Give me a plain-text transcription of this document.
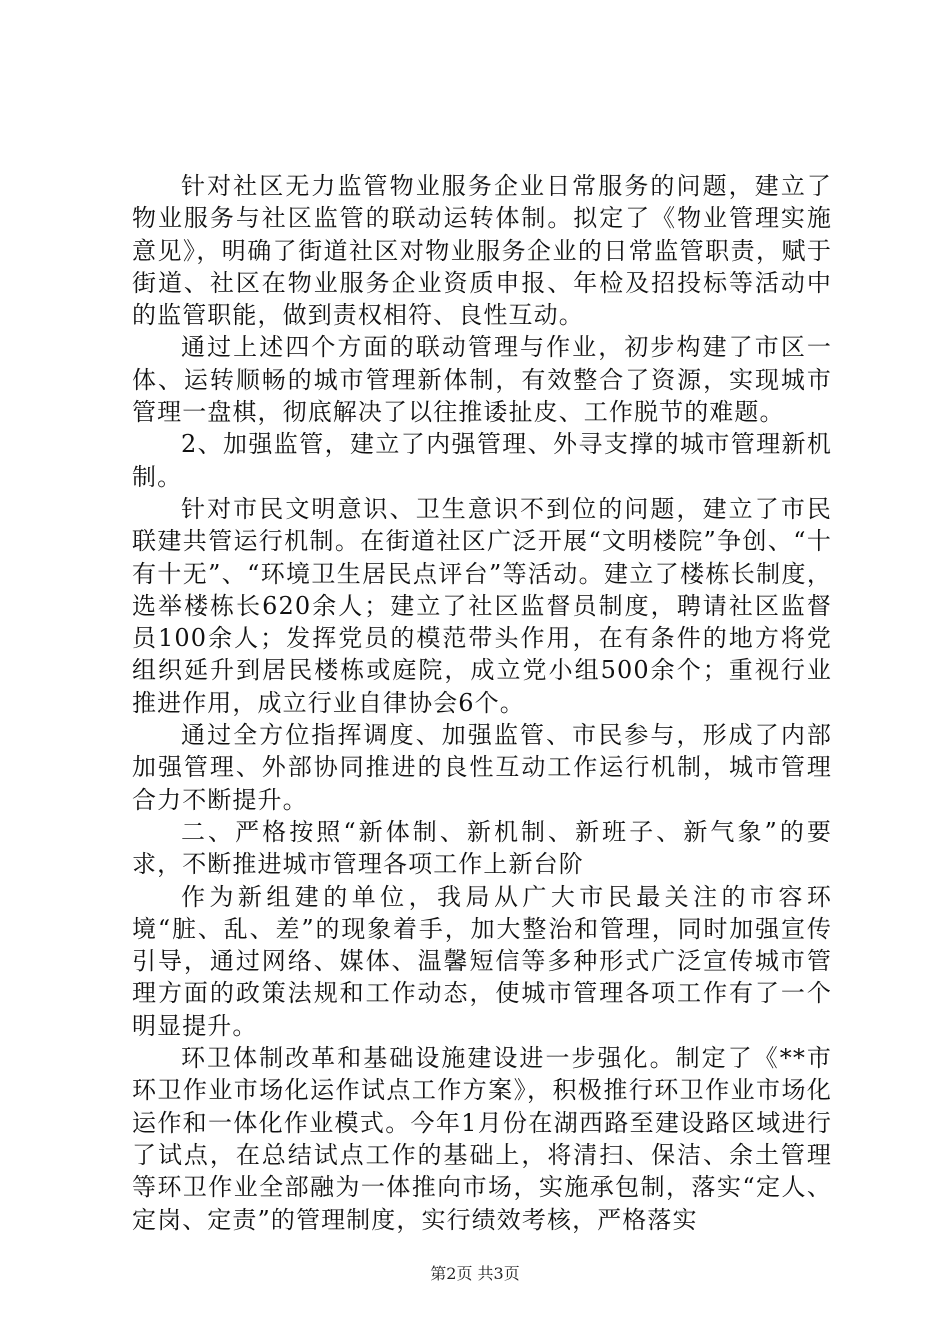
针对社区无力监管物业服务企业日常服务的问题，建立了物业服务与社区监管的联动运转体制。拟定了《物业管理实施意见》，明确了街道社区对物业服务企业的日常监管职责，赋于街道、社区在物业服务企业资质申报、年检及招投标等活动中的监管职能，做到责权相符、良性互动。

通过上述四个方面的联动管理与作业，初步构建了市区一体、运转顺畅的城市管理新体制，有效整合了资源，实现城市管理一盘棋，彻底解决了以往推诿扯皮、工作脱节的难题。

2、加强监管，建立了内强管理、外寻支撑的城市管理新机制。

针对市民文明意识、卫生意识不到位的问题，建立了市民联建共管运行机制。在街道社区广泛开展“文明楼院”争创、“十有十无”、“环境卫生居民点评台”等活动。建立了楼栋长制度，选举楼栋长620余人；建立了社区监督员制度，聘请社区监督员100余人；发挥党员的模范带头作用，在有条件的地方将党组织延升到居民楼栋或庭院，成立党小组500余个；重视行业推进作用，成立行业自律协会6个。

通过全方位指挥调度、加强监管、市民参与，形成了内部加强管理、外部协同推进的良性互动工作运行机制，城市管理合力不断提升。

二、严格按照“新体制、新机制、新班子、新气象”的要求，不断推进城市管理各项工作上新台阶

作为新组建的单位，我局从广大市民最关注的市容环境“脏、乱、差”的现象着手，加大整治和管理，同时加强宣传引导，通过网络、媒体、温馨短信等多种形式广泛宣传城市管理方面的政策法规和工作动态，使城市管理各项工作有了一个明显提升。

环卫体制改革和基础设施建设进一步强化。制定了《**市环卫作业市场化运作试点工作方案》，积极推行环卫作业市场化运作和一体化作业模式。今年1月份在湖西路至建设路区域进行了试点，在总结试点工作的基础上，将清扫、保洁、余土管理等环卫作业全部融为一体推向市场，实施承包制，落实“定人、定岗、定责”的管理制度，实行绩效考核，严格落实

第2页 共3页
